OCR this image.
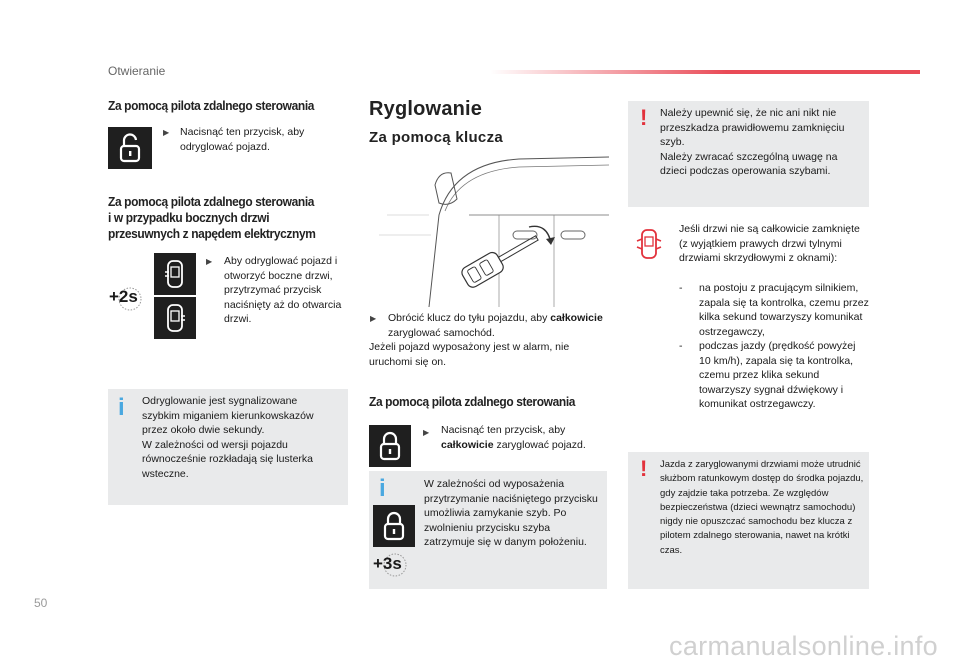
Otwieranie
Za pomocą pilota zdalnego sterowania
▶ Nacisnąć ten przycisk, aby odryglować pojazd.
Za pomocą pilota zdalnego sterowania
i w przypadku bocznych drzwi
przesuwnych z napędem elektrycznym
+2s
▶ Aby odryglować pojazd i otworzyć boczne drzwi, przytrzymać przycisk naciśnięty aż do otwarcia drzwi.
i Odryglowanie jest sygnalizowane szybkim miganiem kierunkowskazów przez około dwie sekundy.
W zależności od wersji pojazdu równocześnie rozkładają się lusterka wsteczne.
Ryglowanie
Za pomocą klucza
▶ Obrócić klucz do tyłu pojazdu, aby całkowicie zaryglować samochód.
Jeżeli pojazd wyposażony jest w alarm, nie uruchomi się on.
Za pomocą pilota zdalnego sterowania
▶ Nacisnąć ten przycisk, aby całkowicie zaryglować pojazd.
i
+3s
W zależności od wyposażenia przytrzymanie naciśniętego przycisku umożliwia zamykanie szyb. Po zwolnieniu przycisku szyba zatrzymuje się w danym położeniu.
! Należy upewnić się, że nic ani nikt nie przeszkadza prawidłowemu zamknięciu szyb.
Należy zwracać szczególną uwagę na dzieci podczas operowania szybami.
Jeśli drzwi nie są całkowicie zamknięte (z wyjątkiem prawych drzwi tylnymi drzwiami skrzydłowymi z oknami):
- na postoju z pracującym silnikiem, zapala się ta kontrolka, czemu przez kilka sekund towarzyszy komunikat ostrzegawczy,
- podczas jazdy (prędkość powyżej 10 km/h), zapala się ta kontrolka, czemu przez klika sekund towarzyszy sygnał dźwiękowy i komunikat ostrzegawczy.
! Jazda z zaryglowanymi drzwiami może utrudnić służbom ratunkowym dostęp do środka pojazdu, gdy zajdzie taka potrzeba. Ze względów bezpieczeństwa (dzieci wewnątrz samochodu) nigdy nie opuszczać samochodu bez klucza z pilotem zdalnego sterowania, nawet na krótki czas.
50
carmanualsonline.info
